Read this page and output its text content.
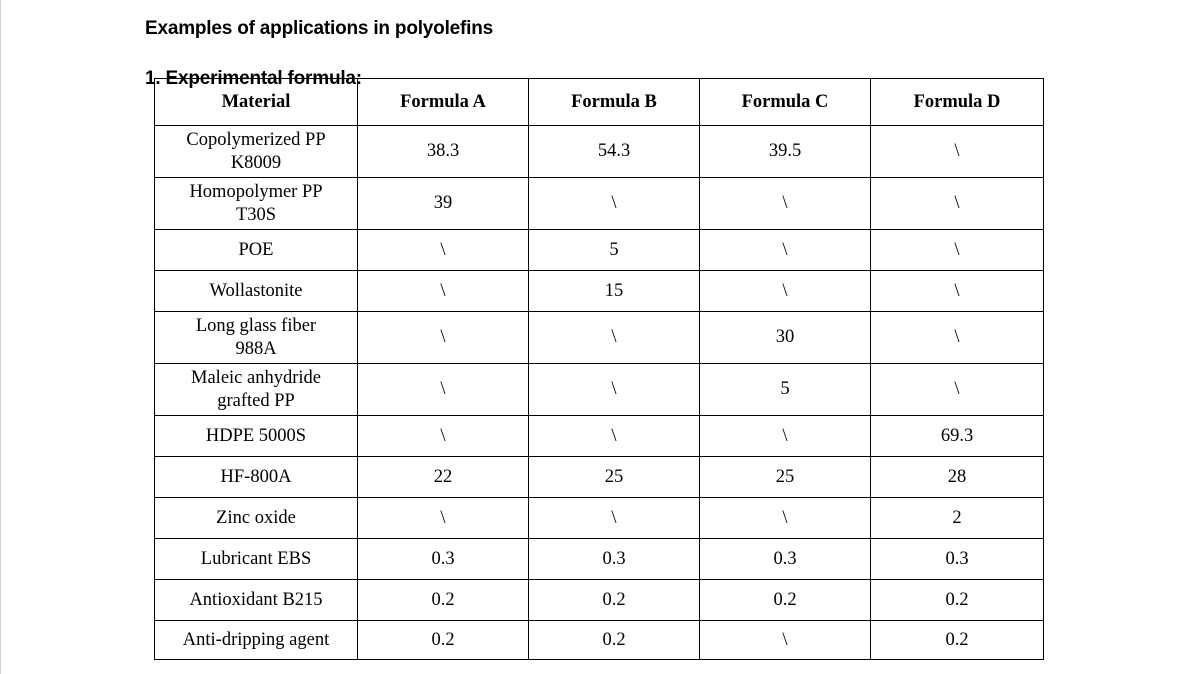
Examples of applications in polyolefins
1. Experimental formula:
Material	Formula A	Formula B	Formula C	Formula D
Copolymerized PP
K8009	38.3	54.3	39.5	\
Homopolymer PP
T30S	39	\	\	\
POE	\	5	\	\
Wollastonite	\	15	\	\
Long glass fiber
988A	\	\	30	\
Maleic anhydride
grafted PP	\	\	5	\
HDPE 5000S	\	\	\	69.3
HF-800A	22	25	25	28
Zinc oxide	\	\	\	2
Lubricant EBS	0.3	0.3	0.3	0.3
Antioxidant B215	0.2	0.2	0.2	0.2
Anti-dripping agent	0.2	0.2	\	0.2
